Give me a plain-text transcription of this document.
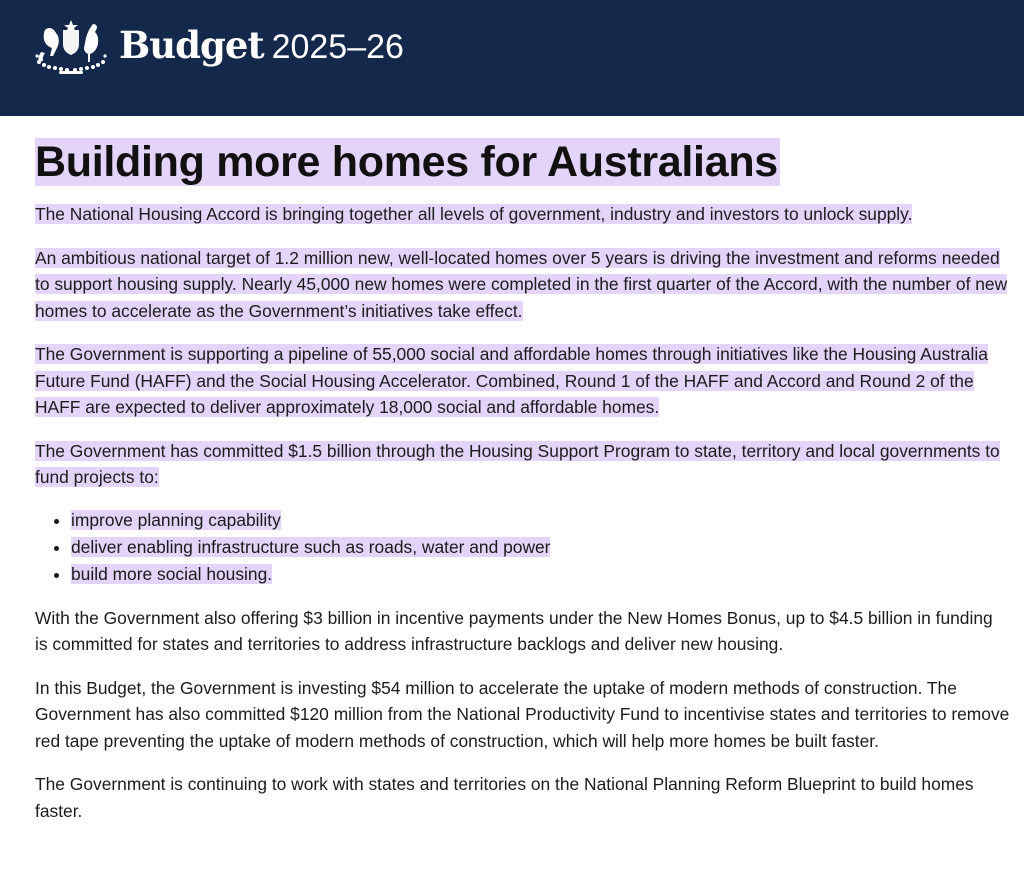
Budget 2025–26
Building more homes for Australians

The National Housing Accord is bringing together all levels of government, industry and investors to unlock supply.

An ambitious national target of 1.2 million new, well-located homes over 5 years is driving the investment and reforms needed to support housing supply. Nearly 45,000 new homes were completed in the first quarter of the Accord, with the number of new homes to accelerate as the Government’s initiatives take effect.

The Government is supporting a pipeline of 55,000 social and affordable homes through initiatives like the Housing Australia Future Fund (HAFF) and the Social Housing Accelerator. Combined, Round 1 of the HAFF and Accord and Round 2 of the HAFF are expected to deliver approximately 18,000 social and affordable homes.

The Government has committed $1.5 billion through the Housing Support Program to state, territory and local governments to fund projects to:

• improve planning capability
• deliver enabling infrastructure such as roads, water and power
• build more social housing.

With the Government also offering $3 billion in incentive payments under the New Homes Bonus, up to $4.5 billion in funding is committed for states and territories to address infrastructure backlogs and deliver new housing.

In this Budget, the Government is investing $54 million to accelerate the uptake of modern methods of construction. The Government has also committed $120 million from the National Productivity Fund to incentivise states and territories to remove red tape preventing the uptake of modern methods of construction, which will help more homes be built faster.

The Government is continuing to work with states and territories on the National Planning Reform Blueprint to build homes faster.
